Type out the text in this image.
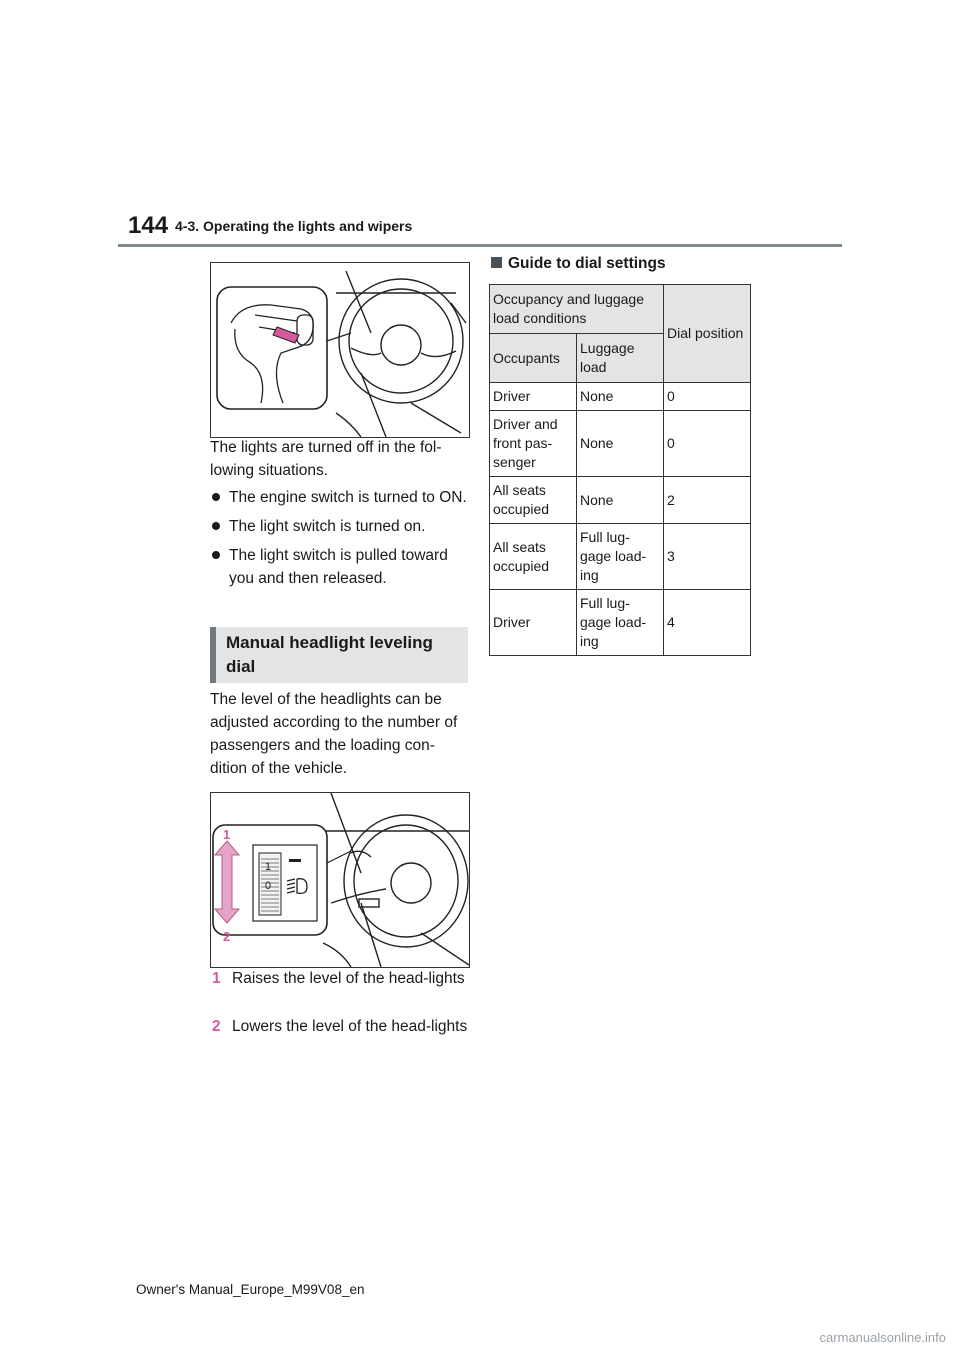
144 4-3. Operating the lights and wipers
The lights are turned off in the fol-lowing situations.
The engine switch is turned to ON.
The light switch is turned on.
The light switch is pulled toward you and then released.
Manual headlight leveling dial
The level of the headlights can be adjusted according to the number of passengers and the loading con-dition of the vehicle.
1
0
1
2
1 Raises the level of the head-lights
2 Lowers the level of the head-lights
Guide to dial settings
Occupancy and luggage load conditions		Dial position
Occupants	Luggage load	
Driver	None	0
Driver and front pas-senger	None	0
All seats occupied	None	2
All seats occupied	Full lug-gage load-ing	3
Driver	Full lug-gage load-ing	4
Owner's Manual_Europe_M99V08_en
carmanualsonline.info
